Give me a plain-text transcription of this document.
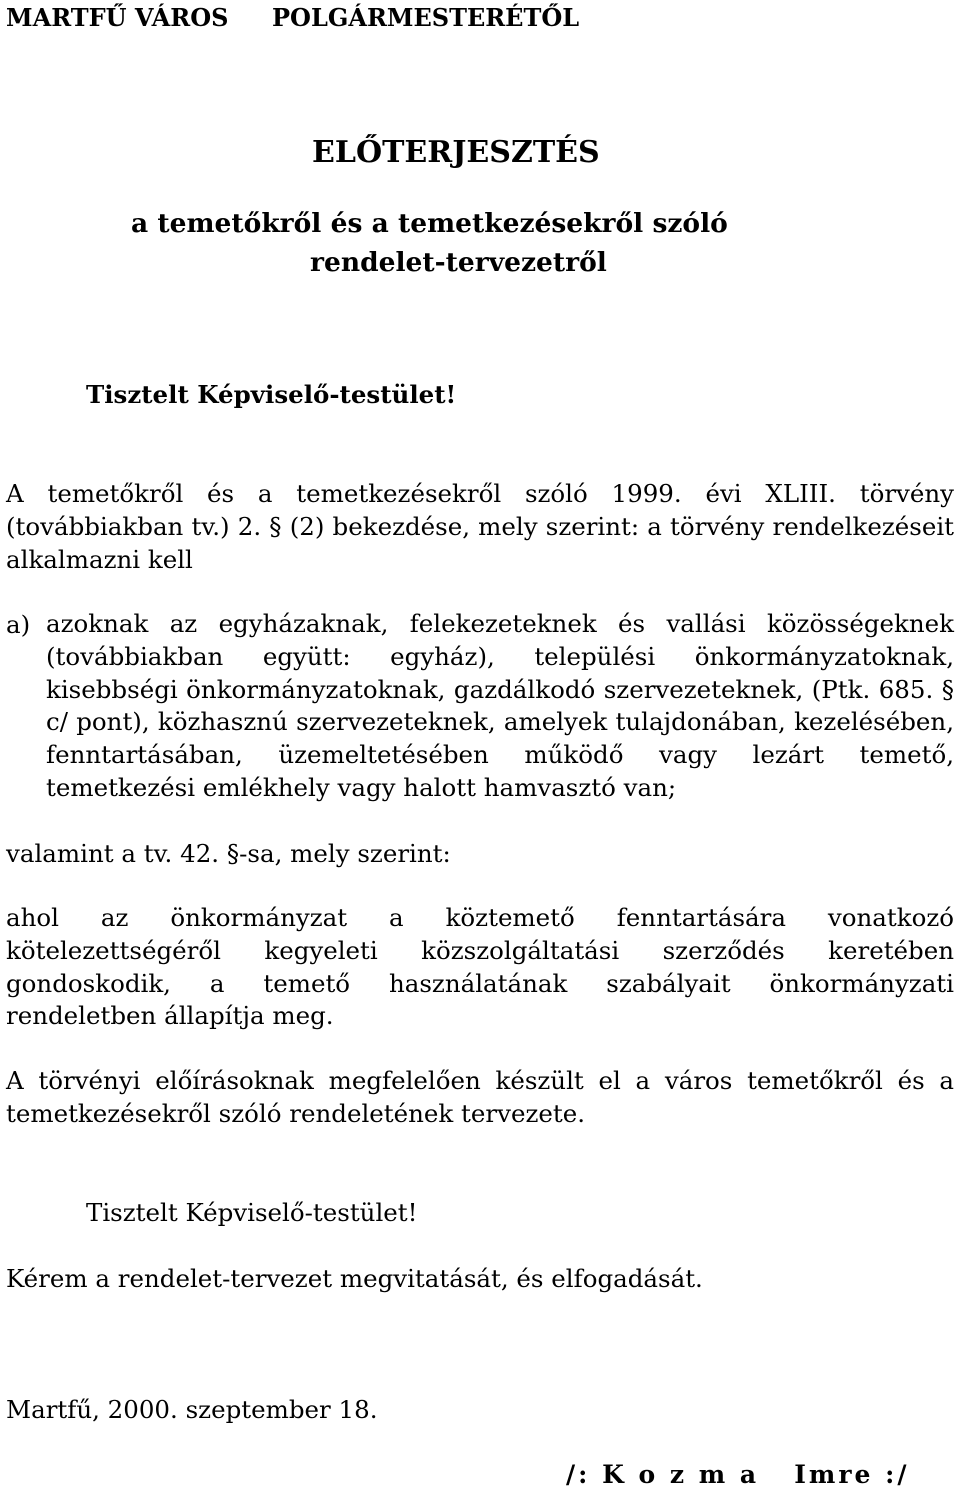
MARTFŰ VÁROS POLGÁRMESTERÉTŐL
ELŐTERJESZTÉS
a temetőkről és a temetkezésekről szóló
rendelet-tervezetről
Tisztelt Képviselő-testület!
A temetőkről és a temetkezésekről szóló 1999. évi XLIII. törvény (továbbiakban tv.) 2. § (2) bekezdése, mely szerint: a törvény rendelkezéseit alkalmazni kell
a) azoknak az egyházaknak, felekezeteknek és vallási közösségeknek (továbbiakban együtt: egyház), települési önkormányzatoknak, kisebbségi önkormányzatoknak, gazdálkodó szervezeteknek, (Ptk. 685. § c/ pont), közhasznú szervezeteknek, amelyek tulajdonában, kezelésében, fenntartásában, üzemeltetésében működő vagy lezárt temető, temetkezési emlékhely vagy halott hamvasztó van;
valamint a tv. 42. §-sa, mely szerint:
ahol az önkormányzat a köztemető fenntartására vonatkozó kötelezettségéről kegyeleti közszolgáltatási szerződés keretében gondoskodik, a temető használatának szabályait önkormányzati rendeletben állapítja meg.
A törvényi előírásoknak megfelelően készült el a város temetőkről és a temetkezésekről szóló rendeletének tervezete.
Tisztelt Képviselő-testület!
Kérem a rendelet-tervezet megvitatását, és elfogadását.
Martfű, 2000. szeptember 18.
/: K o z m a   Imre :/
